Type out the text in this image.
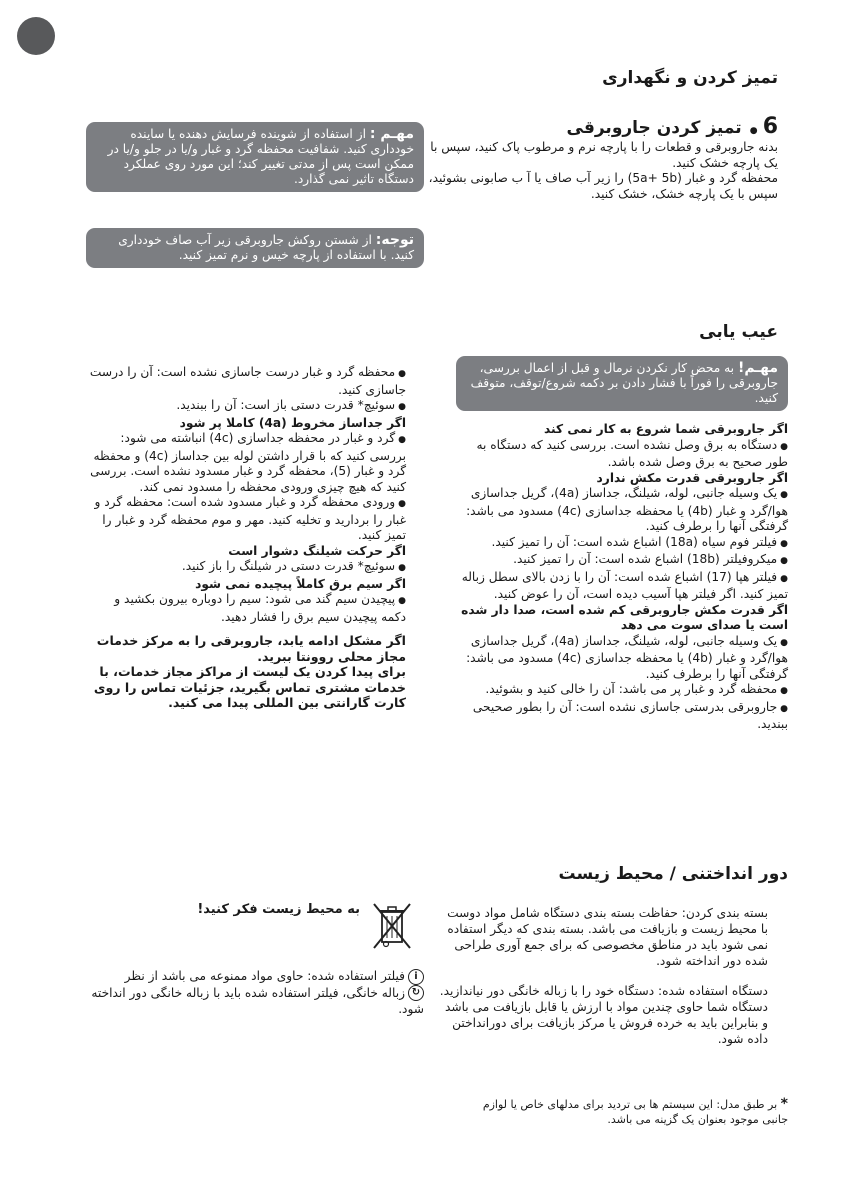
تمیز کردن و نگهداری
6 ● تمیز کردن جاروبرقی

بدنه جاروبرقی و قطعات را با پارچه نرم و مرطوب پاک کنید، سپس با یک پارچه خشک کنید.

محفظه گرد و غبار (5a+ 5b) را زیر آب صاف یا آ ب صابونی بشوئید، سپس با یک پارچه خشک، خشک کنید.

مهـم : از استفاده از شوینده فرسایش دهنده یا ساینده خودداری کنید. شفافیت محفظه گرد و غبار و/یا در جلو و/یا در ممکن است پس از مدتی تغییر کند؛ این مورد روی عملکرد دستگاه تاثیر نمی گذارد.
توجه: از شستن روکش جاروبرقی زیر آب صاف خودداری کنید. با استفاده از پارچه خیس و نرم تمیز کنید.
عیب یابی
مهـم! به محض کار نکردن نرمال و قبل از اعمال بررسی، جاروبرقی را فوراً با فشار دادن بر دکمه شروع/توقف، متوقف کنید.

اگر جاروبرقی شما شروع به کار نمی کند

● دستگاه به برق وصل نشده است. بررسی کنید که دستگاه به طور صحیح به برق وصل شده باشد.

اگر جاروبرقی قدرت مکش ندارد

● یک وسیله جانبی، لوله، شیلنگ، جداساز (4a)، گریل جداسازی هوا/گرد و غبار (4b) یا محفظه جداسازی (4c) مسدود می باشد: گرفتگی آنها را برطرف کنید.

● فیلتر فوم سیاه (18a) اشباع شده است: آن را تمیز کنید.

● میکروفیلتر (18b) اشباع شده است: آن را تمیز کنید.

● فیلتر هپا (17) اشباع شده است: آن را با زدن بالای سطل زباله تمیز کنید. اگر فیلتر هپا آسیب دیده است، آن را عوض کنید.

اگر قدرت مکش جاروبرقی کم شده است، صدا دار شده است یا صدای سوت می دهد

● یک وسیله جانبی، لوله، شیلنگ، جداساز (4a)، گریل جداسازی هوا/گرد و غبار (4b) یا محفظه جداسازی (4c) مسدود می باشد: گرفتگی آنها را برطرف کنید.

● محفظه گرد و غبار پر می باشد: آن را خالی کنید و بشوئید.

● جاروبرقی بدرستی جاسازی نشده است: آن را بطور صحیحی ببندید.

● محفظه گرد و غبار درست جاسازی نشده است: آن را درست جاسازی کنید.

● سوئیچ* قدرت دستی باز است: آن را ببندید.

اگر جداساز مخروط (4a) کاملا پر شود

● گرد و غبار در محفظه جداسازی (4c) انباشته می شود: بررسی کنید که با قرار داشتن لوله بین جداساز (4c) و محفظه گرد و غبار (5)، محفظه گرد و غبار مسدود نشده است. بررسی کنید که هیچ چیزی ورودی محفظه را مسدود نمی کند.

● ورودی محفظه گرد و غبار مسدود شده است: محفظه گرد و غبار را بردارید و تخلیه کنید. مهر و موم محفظه گرد و غبار را تمیز کنید.

اگر حرکت شیلنگ دشوار است

● سوئیچ* قدرت دستی در شیلنگ را باز کنید.

اگر سیم برق کاملاً پیچیده نمی شود

● پیچیدن سیم گند می شود: سیم را دوباره بیرون بکشید و دکمه پیچیدن سیم برق را فشار دهید.

اگر مشکل ادامه یابد، جاروبرقی را به مرکز خدمات مجاز محلی روونتا ببرید.

برای پیدا کردن یک لیست از مراکز مجاز خدمات، با خدمات مشتری تماس بگیرید، جزئیات تماس را روی کارت گارانتی بین المللی پیدا می کنید.

دور انداختنی / محیط زیست

بسته بندی کردن: حفاظت بسته بندی دستگاه شامل مواد دوست با محیط زیست و بازیافت می باشد. بسته بندی که دیگر استفاده نمی شود باید در مناطق مخصوصی که برای جمع آوری طراحی شده دور انداخته شود.

دستگاه استفاده شده: دستگاه خود را با زباله خانگی دور نیاندازید. دستگاه شما حاوی چندین مواد با ارزش یا قابل بازیافت می باشد و بنابراین باید به خرده فروش یا مرکز بازیافت برای دورانداختن داده شود.

به محیط زیست فکر کنید!

iفیلتر استفاده شده: حاوی مواد ممنوعه می باشد از نظر

↻زباله خانگی، فیلتر استفاده شده باید با زباله خانگی دور انداخته شود.

* بر طبق مدل: این سیستم ها بی تردید برای مدلهای خاص یا لوازم جانبی موجود بعنوان یک گزینه می باشد.
